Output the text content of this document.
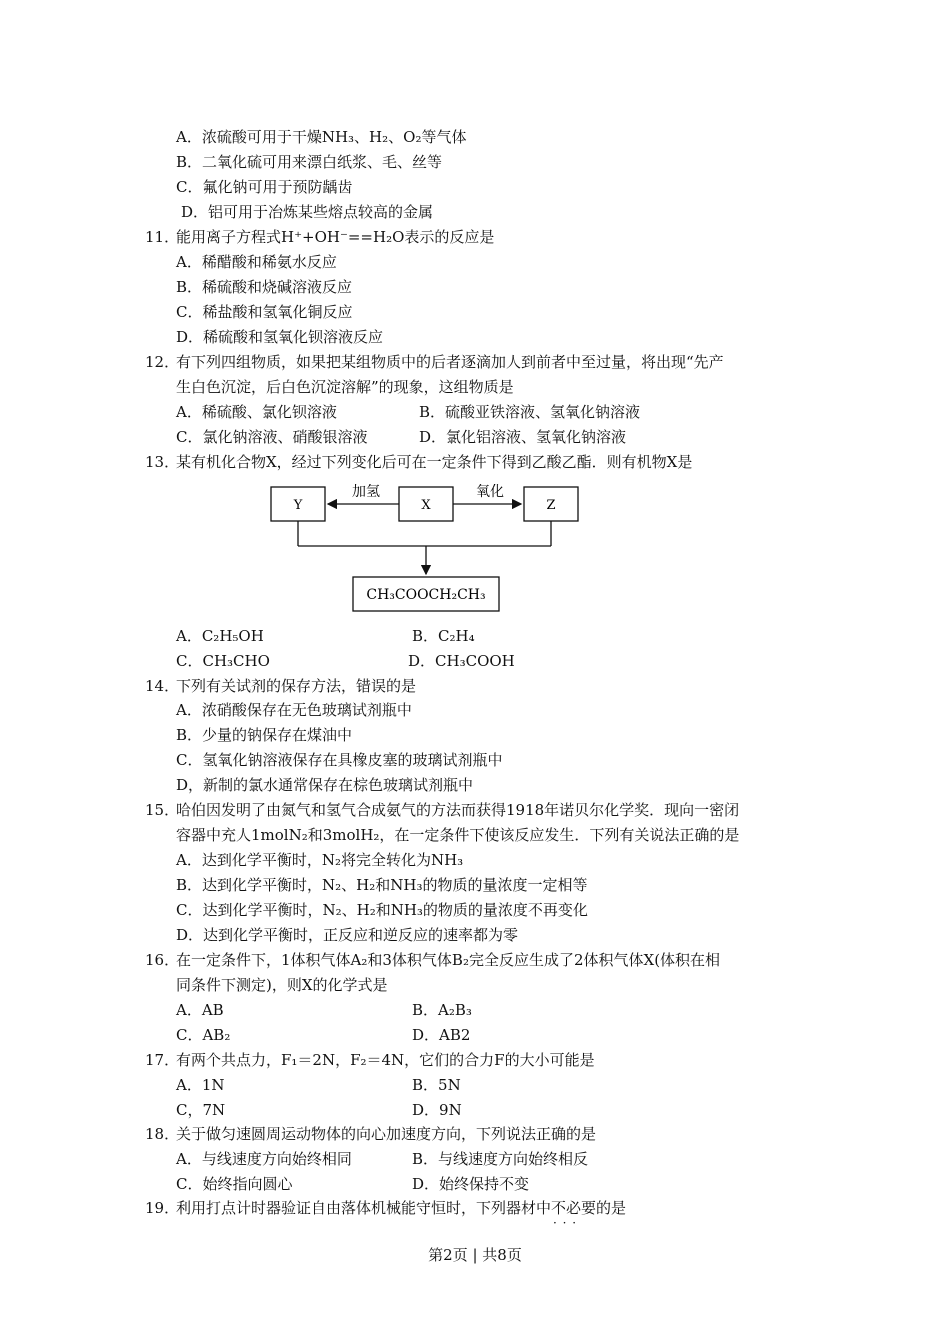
A．浓硫酸可用于干燥NH₃、H₂、O₂等气体
B．二氧化硫可用来漂白纸浆、毛、丝等
C．氟化钠可用于预防龋齿
D．铝可用于冶炼某些熔点较高的金属
11．能用离子方程式H⁺+OH⁻==H₂O表示的反应是
A．稀醋酸和稀氨水反应
B．稀硫酸和烧碱溶液反应
C．稀盐酸和氢氧化铜反应
D．稀硫酸和氢氧化钡溶液反应
12．有下列四组物质，如果把某组物质中的后者逐滴加人到前者中至过量，将出现“先产
生白色沉淀，后白色沉淀溶解”的现象，这组物质是
A．稀硫酸、氯化钡溶液	B．硫酸亚铁溶液、氢氧化钠溶液
C．氯化钠溶液、硝酸银溶液	D．氯化铝溶液、氢氧化钠溶液
13．某有机化合物X，经过下列变化后可在一定条件下得到乙酸乙酯．则有机物X是
Y	X	Z
加氢	氧化
CH₃COOCH₂CH₃
A．C₂H₅OH	B．C₂H₄
C．CH₃CHO	D．CH₃COOH
14．下列有关试剂的保存方法，错误的是
A．浓硝酸保存在无色玻璃试剂瓶中
B．少量的钠保存在煤油中
C．氢氧化钠溶液保存在具橡皮塞的玻璃试剂瓶中
D，新制的氯水通常保存在棕色玻璃试剂瓶中
15．哈伯因发明了由氮气和氢气合成氨气的方法而获得1918年诺贝尔化学奖．现向一密闭
容器中充人1molN₂和3molH₂，在一定条件下使该反应发生．下列有关说法正确的是
A．达到化学平衡时，N₂将完全转化为NH₃
B．达到化学平衡时，N₂、H₂和NH₃的物质的量浓度一定相等
C．达到化学平衡时，N₂、H₂和NH₃的物质的量浓度不再变化
D．达到化学平衡时，正反应和逆反应的速率都为零
16．在一定条件下，1体积气体A₂和3体积气体B₂完全反应生成了2体积气体X(体积在相
同条件下测定)，则X的化学式是
A．AB	B．A₂B₃
C．AB₂	D．AB2
17．有两个共点力，F₁＝2N，F₂＝4N，它们的合力F的大小可能是
A．1N	B．5N
C，7N	D．9N
18．关于做匀速圆周运动物体的向心加速度方向，下列说法正确的是
A．与线速度方向始终相同	B．与线速度方向始终相反
C．始终指向圆心	D．始终保持不变
19．利用打点计时器验证自由落体机械能守恒时，下列器材中不必要 · · ·的是
第2页 | 共8页
